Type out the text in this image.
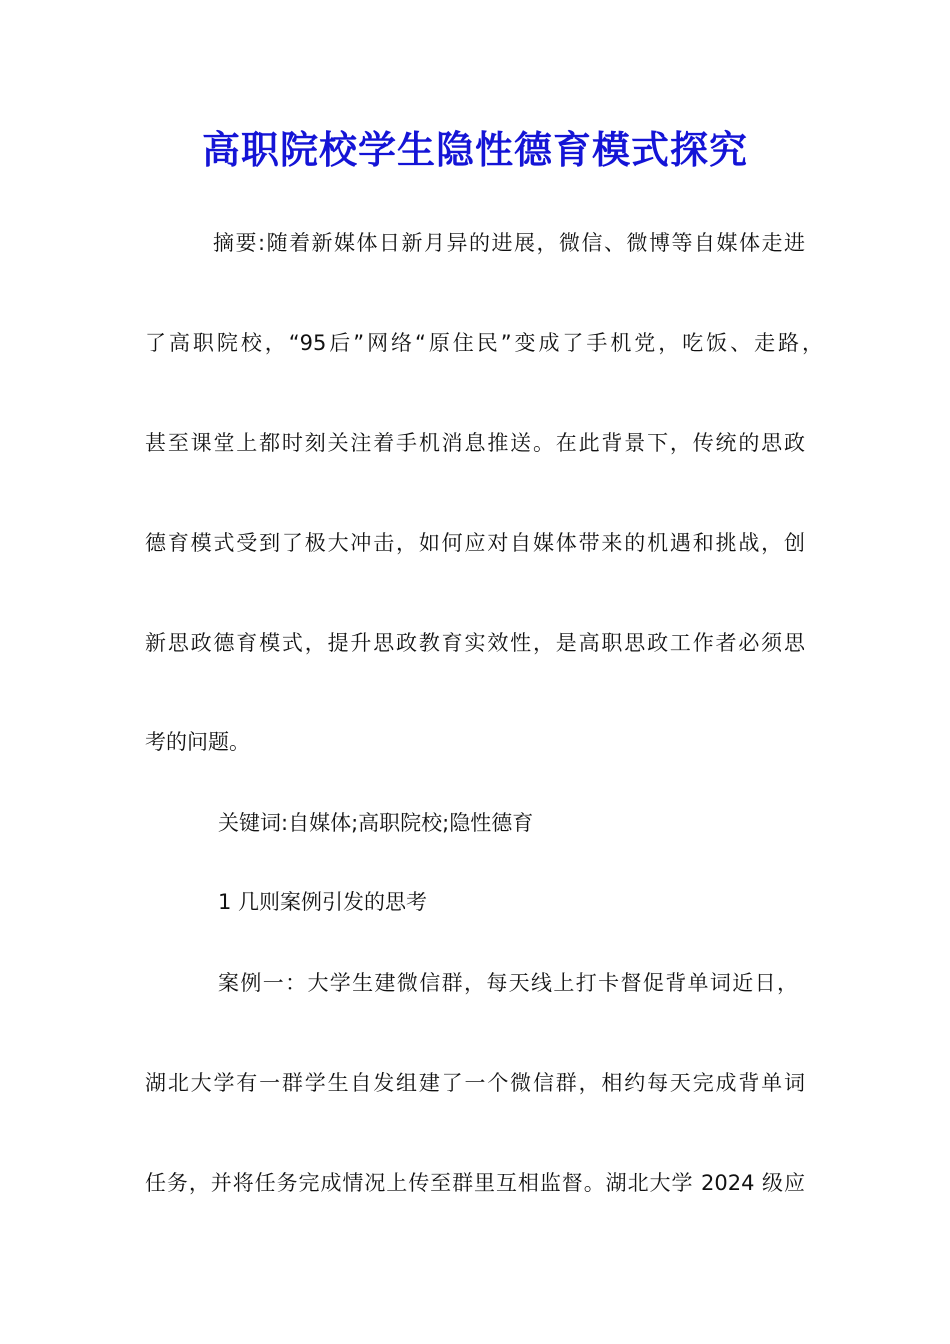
高职院校学生隐性德育模式探究

摘要:随着新媒体日新月异的进展，微信、微博等自媒体走进

了高职院校，“95后”网络“原住民”变成了手机党，吃饭、走路，

甚至课堂上都时刻关注着手机消息推送。在此背景下，传统的思政

德育模式受到了极大冲击，如何应对自媒体带来的机遇和挑战，创

新思政德育模式，提升思政教育实效性，是高职思政工作者必须思

考的问题。

关键词:自媒体;高职院校;隐性德育

1 几则案例引发的思考

案例一：大学生建微信群，每天线上打卡督促背单词近日，

湖北大学有一群学生自发组建了一个微信群，相约每天完成背单词

任务，并将任务完成情况上传至群里互相监督。湖北大学 2024 级应
